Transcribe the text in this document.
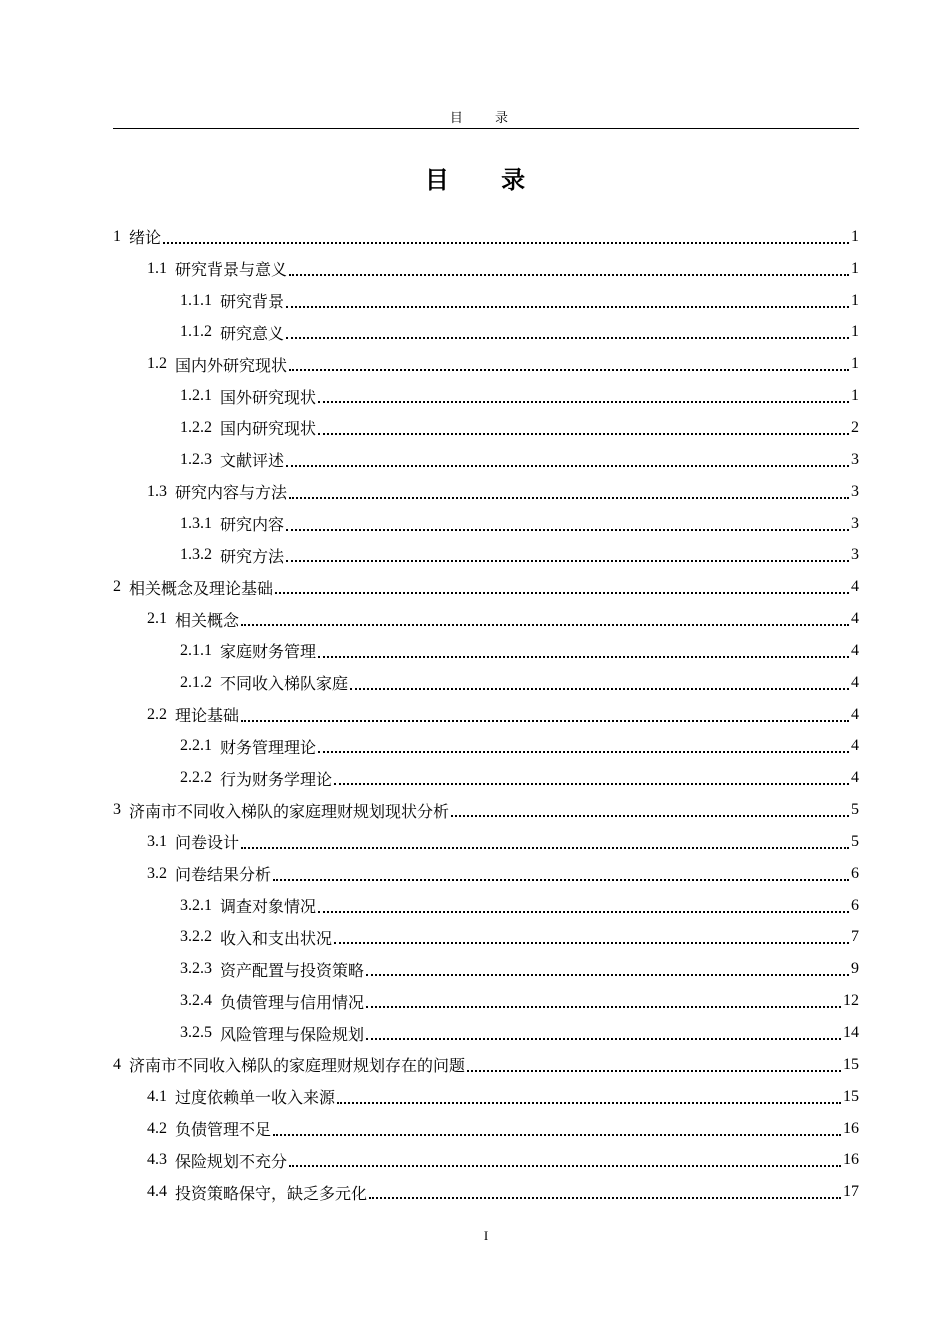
目 录
目 录
1 绪论	1
1.1 研究背景与意义	1
1.1.1 研究背景	1
1.1.2 研究意义	1
1.2 国内外研究现状	1
1.2.1 国外研究现状	1
1.2.2 国内研究现状	2
1.2.3 文献评述	3
1.3 研究内容与方法	3
1.3.1 研究内容	3
1.3.2 研究方法	3
2 相关概念及理论基础	4
2.1 相关概念	4
2.1.1 家庭财务管理	4
2.1.2 不同收入梯队家庭	4
2.2 理论基础	4
2.2.1 财务管理理论	4
2.2.2 行为财务学理论	4
3 济南市不同收入梯队的家庭理财规划现状分析	5
3.1 问卷设计	5
3.2 问卷结果分析	6
3.2.1 调查对象情况	6
3.2.2 收入和支出状况	7
3.2.3 资产配置与投资策略	9
3.2.4 负债管理与信用情况	12
3.2.5 风险管理与保险规划	14
4 济南市不同收入梯队的家庭理财规划存在的问题	15
4.1 过度依赖单一收入来源	15
4.2 负债管理不足	16
4.3 保险规划不充分	16
4.4 投资策略保守，缺乏多元化	17
I
